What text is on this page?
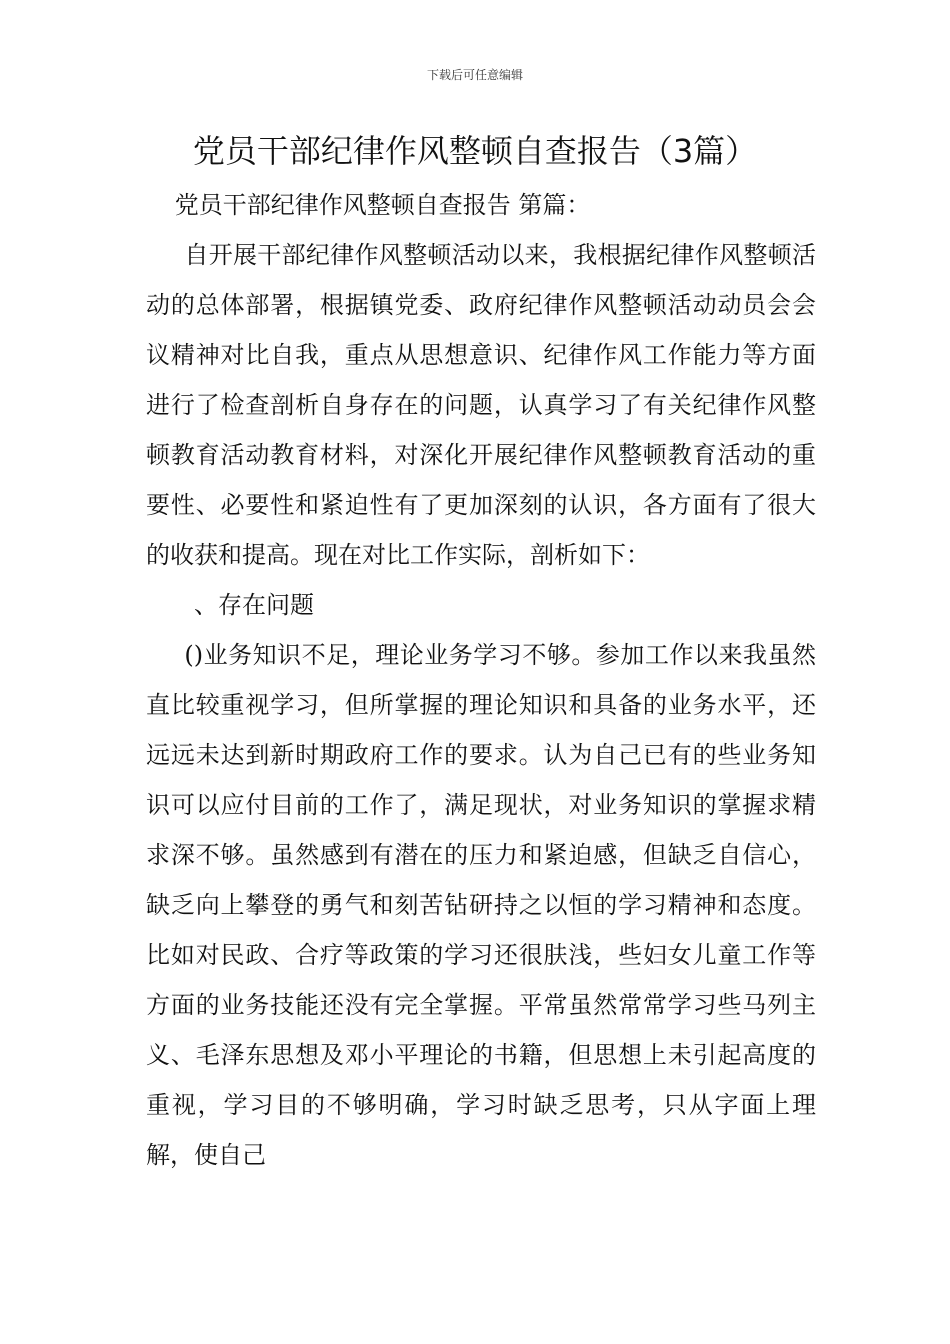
下载后可任意编辑
党员干部纪律作风整顿自查报告（3篇）

党员干部纪律作风整顿自查报告 第篇：

自开展干部纪律作风整顿活动以来，我根据纪律作风整顿活动的总体部署，根据镇党委、政府纪律作风整顿活动动员会会议精神对比自我，重点从思想意识、纪律作风工作能力等方面进行了检查剖析自身存在的问题，认真学习了有关纪律作风整顿教育活动教育材料，对深化开展纪律作风整顿教育活动的重要性、必要性和紧迫性有了更加深刻的认识，各方面有了很大的收获和提高。现在对比工作实际，剖析如下：

、存在问题

()业务知识不足，理论业务学习不够。参加工作以来我虽然直比较重视学习，但所掌握的理论知识和具备的业务水平，还远远未达到新时期政府工作的要求。认为自己已有的些业务知识可以应付目前的工作了，满足现状，对业务知识的掌握求精求深不够。虽然感到有潜在的压力和紧迫感，但缺乏自信心，缺乏向上攀登的勇气和刻苦钻研持之以恒的学习精神和态度。比如对民政、合疗等政策的学习还很肤浅，些妇女儿童工作等方面的业务技能还没有完全掌握。平常虽然常常学习些马列主义、毛泽东思想及邓小平理论的书籍，但思想上未引起高度的重视，学习目的不够明确，学习时缺乏思考，只从字面上理解，使自己
